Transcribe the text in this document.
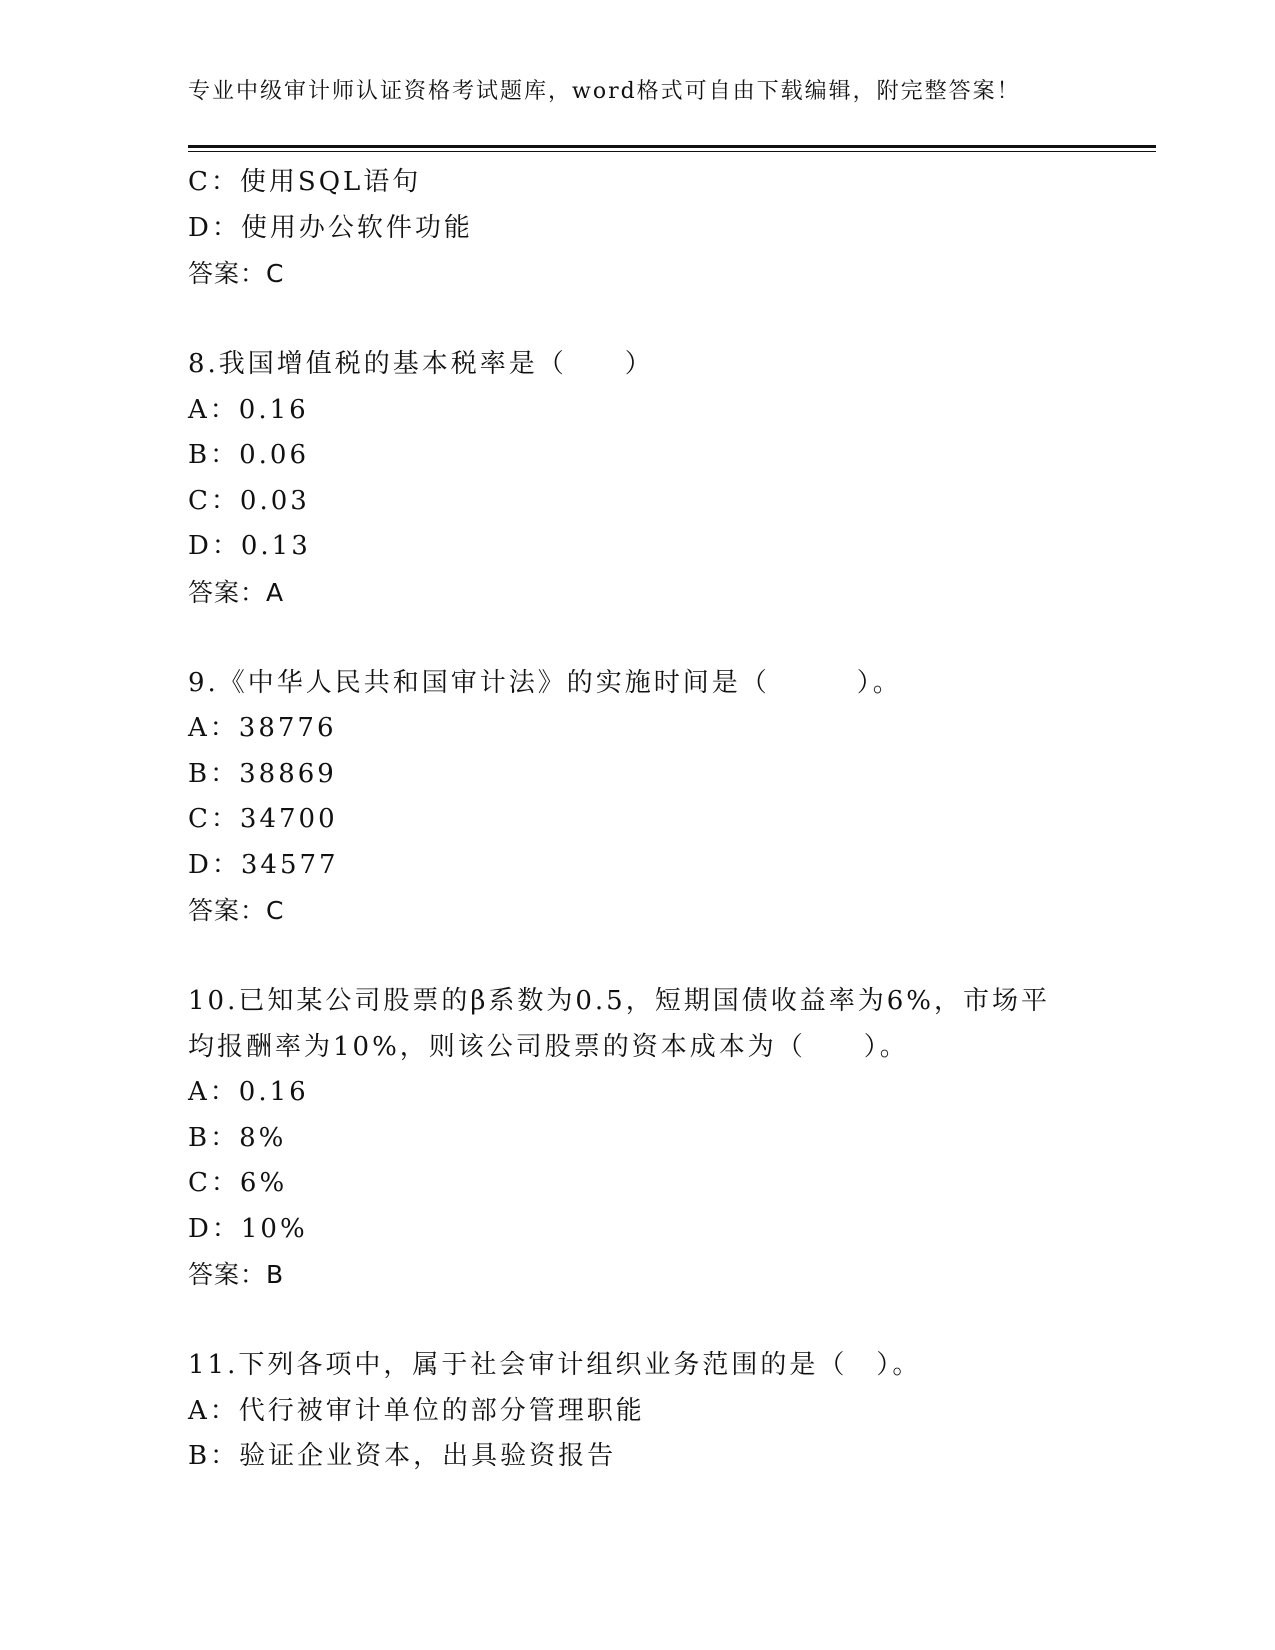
专业中级审计师认证资格考试题库，word格式可自由下载编辑，附完整答案！
C：使用SQL语句
D：使用办公软件功能
答案：C
8.我国增值税的基本税率是（　　）
A：0.16
B：0.06
C：0.03
D：0.13
答案：A
9.《中华人民共和国审计法》的实施时间是（　　　）。
A：38776
B：38869
C：34700
D：34577
答案：C
10.已知某公司股票的β系数为0.5，短期国债收益率为6%，市场平
均报酬率为10%，则该公司股票的资本成本为（　　）。
A：0.16
B：8%
C：6%
D：10%
答案：B
11.下列各项中，属于社会审计组织业务范围的是（　）。
A：代行被审计单位的部分管理职能
B：验证企业资本，出具验资报告
